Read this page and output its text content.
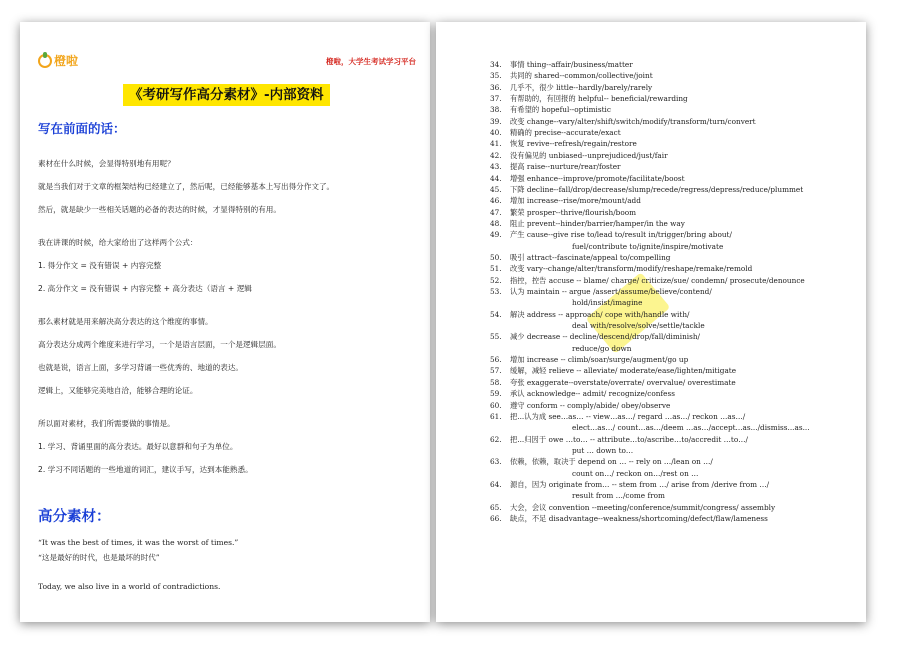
橙啦	橙啦，大学生考试学习平台
《考研写作高分素材》-内部资料
写在前面的话：
素材在什么时候，会显得特别地有用呢？
就是当我们对于文章的框架结构已经建立了，然后呢，已经能够基本上写出得分作文了。
然后，就是缺少一些相关话题的必备的表达的时候，才显得特别的有用。
我在讲课的时候，给大家给出了这样两个公式：
1. 得分作文 = 没有错误 + 内容完整
2. 高分作文 = 没有错误 + 内容完整 + 高分表达（语言 + 逻辑
那么素材就是用来解决高分表达的这个维度的事情。
高分表达分成两个维度来进行学习，一个是语言层面，一个是逻辑层面。
也就是说，语言上面，多学习背诵一些优秀的、地道的表达。
逻辑上，又能够完美地自洽，能够合理的论证。
所以面对素材，我们所需要做的事情是。
1. 学习、背诵里面的高分表达。最好以意群和句子为单位。
2. 学习不同话题的一些地道的词汇，建议手写，达到本能熟悉。
高分素材：
“It was the best of times, it was the worst of times.”
“这是最好的时代，也是最坏的时代”
Today, we also live in a world of contradictions.
34. 事情 thing--affair/business/matter
35. 共同的 shared--common/collective/joint
36. 几乎不，很少 little--hardly/barely/rarely
37. 有帮助的，有回报的 helpful-- beneficial/rewarding
38. 有希望的 hopeful--optimistic
39. 改变 change--vary/alter/shift/switch/modify/transform/turn/convert
40. 精确的 precise--accurate/exact
41. 恢复 revive--refresh/regain/restore
42. 没有偏见的 unbiased--unprejudiced/just/fair
43. 提高 raise--nurture/rear/foster
44. 增强 enhance--improve/promote/facilitate/boost
45. 下降 decline--fall/drop/decrease/slump/recede/regress/depress/reduce/plummet
46. 增加 increase--rise/more/mount/add
47. 繁荣 prosper--thrive/flourish/boom
48. 阻止 prevent--hinder/barrier/hamper/in the way
49. 产生 cause--give rise to/lead to/result in/trigger/bring about/
fuel/contribute to/ignite/inspire/motivate
50. 吸引 attract--fascinate/appeal to/compelling
51. 改变 vary--change/alter/transform/modify/reshape/remake/remold
52. 指控，控告 accuse -- blame/ charge/ criticize/sue/ condemn/ prosecute/denounce
53. 认为 maintain -- argue /assert/assume/believe/contend/
hold/insist/imagine
54. 解决 address -- approach/ cope with/handle with/
deal with/resolve/solve/settle/tackle
55. 减少 decrease -- decline/descend/drop/fall/diminish/
reduce/go down
56. 增加 increase -- climb/soar/surge/augment/go up
57. 缓解，减轻 relieve -- alleviate/ moderate/ease/lighten/mitigate
58. 夸张 exaggerate--overstate/overrate/ overvalue/ overestimate
59. 承认 acknowledge-- admit/ recognize/confess
60. 遵守 conform -- comply/abide/ obey/observe
61. 把...认为成 see…as… -- view…as…/ regard …as…/ reckon …as…/
elect…as…/ count…as…/deem …as…/accept...as.../dismiss...as...
62. 把...归因于 owe …to… -- attribute…to/ascribe…to/accredit …to…/
put … down to…
63. 依赖，依赖，取决于 depend on … -- rely on …/lean on …/
count on…/ reckon on…/rest on …
64. 源自，因为 originate from… -- stem from …/ arise from /derive from …/
result from …/come from
65. 大会，会议 convention --meeting/conference/summit/congress/ assembly
66. 缺点，不足 disadvantage--weakness/shortcoming/defect/flaw/lameness
